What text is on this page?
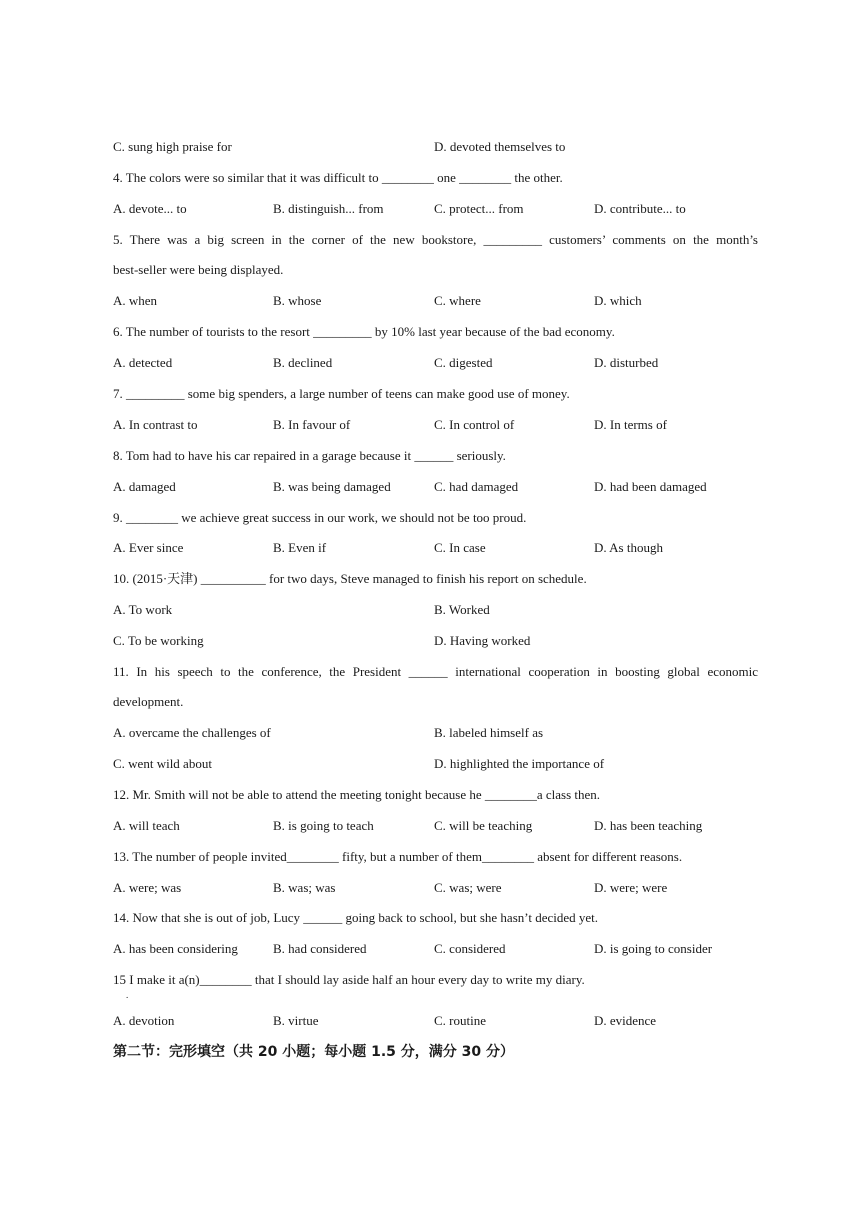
C. sung high praise for	D. devoted themselves to
4. The colors were so similar that it was difficult to ________ one ________ the other.
A. devote... to	B. distinguish... from	C. protect... from	D. contribute... to
5. There was a big screen in the corner of the new bookstore, _________ customers’ comments on the month’s
best-seller were being displayed.
A. when	B. whose	C. where	D. which
6. The number of tourists to the resort _________ by 10% last year because of the bad economy.
A. detected	B. declined	C. digested	D. disturbed
7. _________ some big spenders, a large number of teens can make good use of money.
A. In contrast to	B. In favour of	C. In control of	D. In terms of
8. Tom had to have his car repaired in a garage because it ______ seriously.
A. damaged	B. was being damaged	C. had damaged	D. had been damaged
9. ________ we achieve great success in our work, we should not be too proud.
A. Ever since	B. Even if	C. In case	D. As though
10. (2015·天津) __________ for two days, Steve managed to finish his report on schedule.
A. To work	B. Worked
C. To be working	D. Having worked
11. In his speech to the conference, the President ______ international cooperation in boosting global economic
development.
A. overcame the challenges of	B. labeled himself as
C. went wild about	D. highlighted the importance of
12. Mr. Smith will not be able to attend the meeting tonight because he ________a class then.
A. will teach	B. is going to teach	C. will be teaching	D. has been teaching
13. The number of people invited________ fifty, but a number of them________ absent for different reasons.
A. were; was	B. was; was	C. was; were	D. were; were
14. Now that she is out of job, Lucy ______ going back to school, but she hasn’t decided yet.
A. has been considering	B. had considered	C. considered	D. is going to consider
15 I make it a(n)________ that I should lay aside half an hour every day to write my diary.
.
A. devotion	B. virtue	C. routine	D. evidence
第二节：完形填空（共 20 小题；每小题 1.5 分，满分 30 分）
